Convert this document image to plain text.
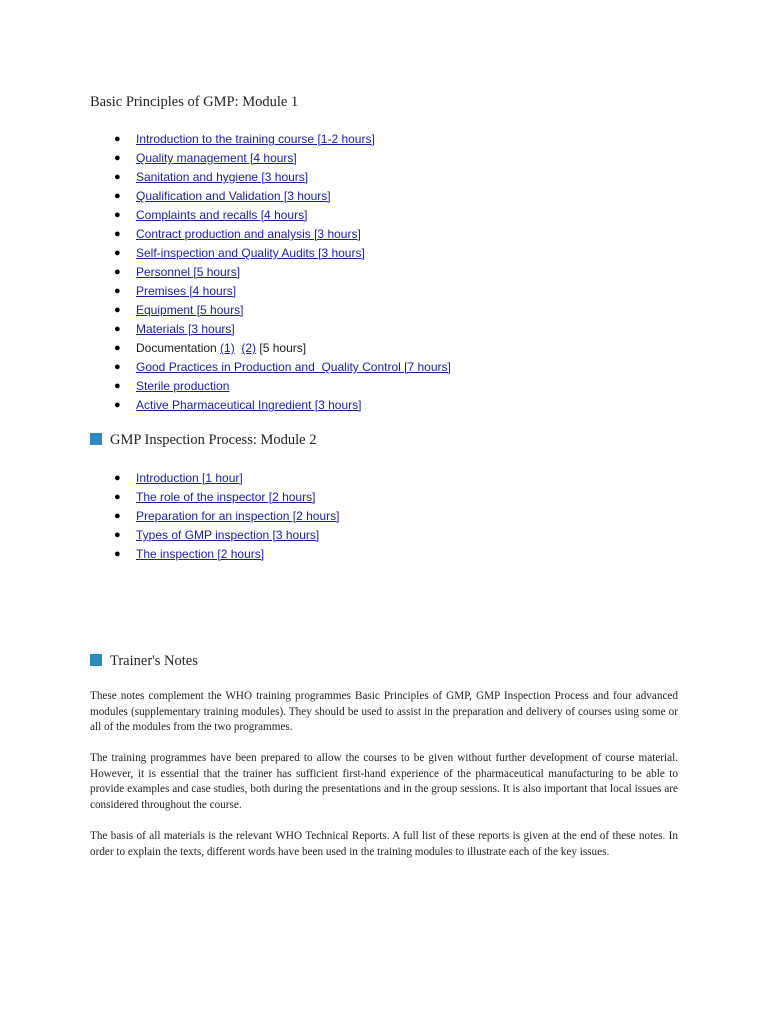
Basic Principles of GMP: Module 1
● Introduction to the training course [1-2 hours]
● Quality management [4 hours]
● Sanitation and hygiene [3 hours]
● Qualification and Validation [3 hours]
● Complaints and recalls [4 hours]
● Contract production and analysis [3 hours]
● Self-inspection and Quality Audits [3 hours]
● Personnel [5 hours]
● Premises [4 hours]
● Equipment [5 hours]
● Materials [3 hours]
● Documentation (1) (2) [5 hours]
● Good Practices in Production and  Quality Control [7 hours]
● Sterile production
● Active Pharmaceutical Ingredient [3 hours]
GMP Inspection Process: Module 2
● Introduction [1 hour]
● The role of the inspector [2 hours]
● Preparation for an inspection [2 hours]
● Types of GMP inspection [3 hours]
● The inspection [2 hours]
Trainer's Notes

These notes complement the WHO training programmes Basic Principles of GMP, GMP Inspection Process and four advanced modules (supplementary training modules). They should be used to assist in the preparation and delivery of courses using some or all of the modules from the two programmes.

The training programmes have been prepared to allow the courses to be given without further development of course material. However, it is essential that the trainer has sufficient first-hand experience of the pharmaceutical manufacturing to be able to provide examples and case studies, both during the presentations and in the group sessions. It is also important that local issues are considered throughout the course.

The basis of all materials is the relevant WHO Technical Reports. A full list of these reports is given at the end of these notes. In order to explain the texts, different words have been used in the training modules to illustrate each of the key issues.
